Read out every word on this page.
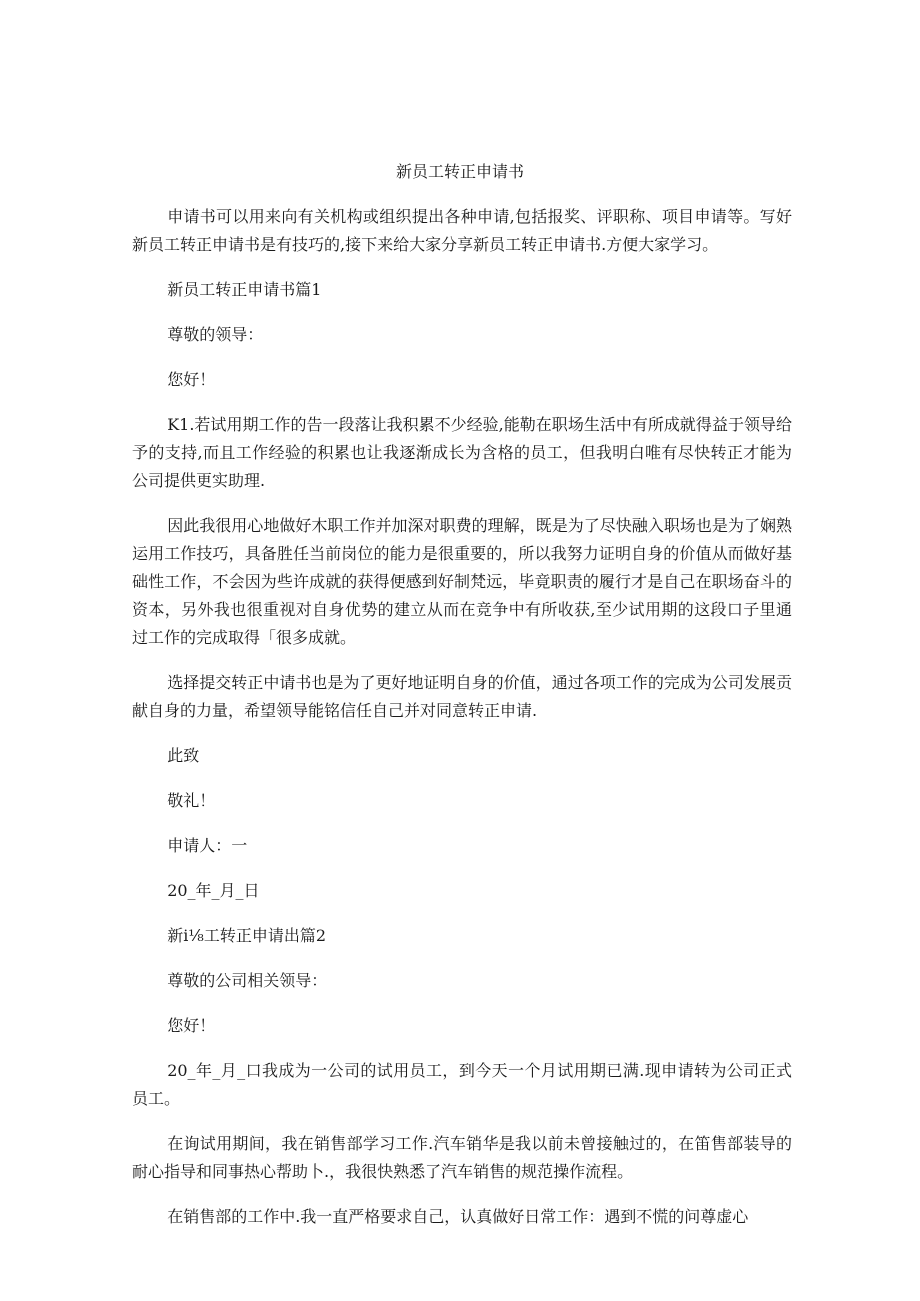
新员工转正申请书

申请书可以用来向有关机构或组织提出各种申请,包括报奖、评职称、项目申请等。写好新员工转正申请书是有技巧的,接下来给大家分享新员工转正申请书.方便大家学习。

新员工转正申请书篇1

尊敬的领导：

您好！

K1.若试用期工作的告一段落让我积累不少经验,能勒在职场生活中有所成就得益于领导给予的支持,而且工作经验的积累也让我逐渐成长为含格的员工，但我明白唯有尽快转正才能为公司提供更实助理.

因此我很用心地做好木职工作并加深对职费的理解，既是为了尽快融入职场也是为了娴熟运用工作技巧，具备胜任当前岗位的能力是很重要的，所以我努力证明自身的价值从而做好基础性工作，不会因为些许成就的获得便感到好制梵远，毕竟职责的履行才是自己在职场奋斗的资本，另外我也很重视对自身优势的建立从而在竞争中有所收获,至少试用期的这段口子里通过工作的完成取得「很多成就。

选择提交转正中请书也是为了更好地证明自身的价值，通过各项工作的完成为公司发展贡献自身的力量，希望领导能铭信任自己并对同意转正申请.

此致

敬礼！

申请人：一

20_年_月_日

新i⅛工转正申请出篇2

尊敬的公司相关领导：

您好！

20_年_月_口我成为一公司的试用员工，到今天一个月试用期已满.现申请转为公司正式员工。

在询试用期间，我在销售部学习工作.汽车销华是我以前未曾接触过的，在笛售部装导的耐心指导和同事热心帮助卜.，我很快熟悉了汽车销售的规范操作流程。

在销售部的工作中.我一直严格要求自己，认真做好日常工作：遇到不慌的问尊虚心
